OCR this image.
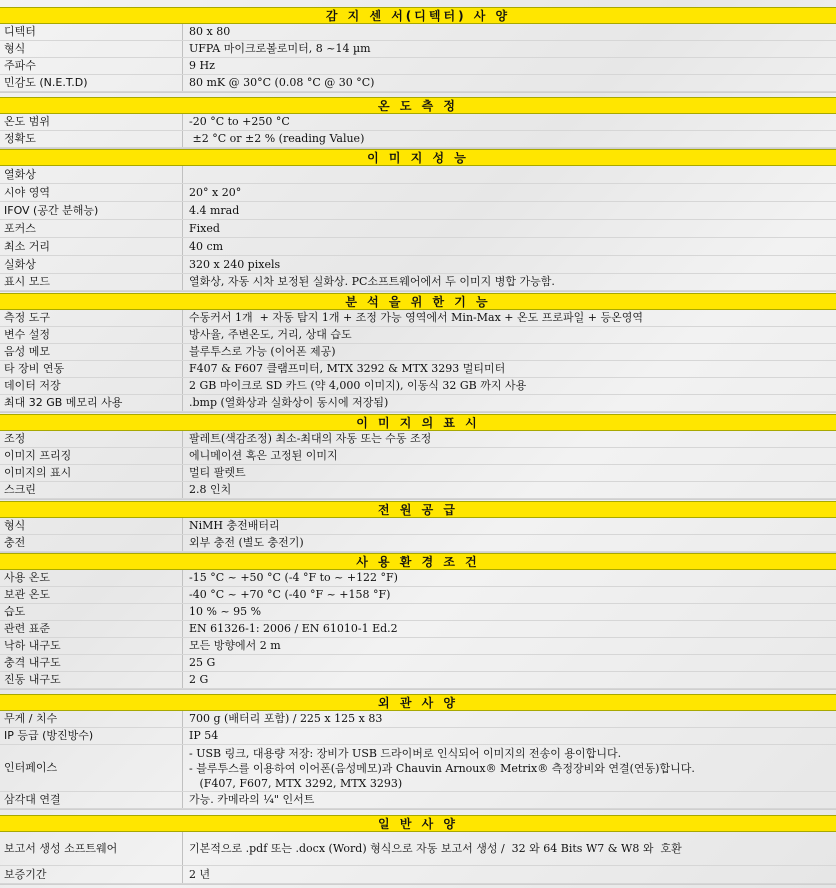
감 지 센 서(디텍터) 사 양
디텍터	80 x 80
형식	UFPA 마이크로볼로미터, 8 ~14 µm
주파수	9 Hz
민감도 (N.E.T.D)	80 mK @ 30°C (0.08 °C @ 30 °C)
온 도 측 정
온도 범위	-20 °C to +250 °C
정확도	±2 °C or ±2 % (reading Value)
이 미 지 성 능
열화상
시야 영역	20° x 20°
IFOV (공간 분해능)	4.4 mrad
포커스	Fixed
최소 거리	40 cm
실화상	320 x 240 pixels
표시 모드	열화상, 자동 시차 보정된 실화상. PC소프트웨어에서 두 이미지 병합 가능함.
분 석 을 위 한 기 능
측정 도구	수동커서 1개  + 자동 탐지 1개 + 조정 가능 영역에서 Min-Max + 온도 프로파일 + 등온영역
변수 설정	방사율, 주변온도, 거리, 상대 습도
음성 메모	블루투스로 가능 (이어폰 제공)
타 장비 연동	F407 & F607 클램프미터, MTX 3292 & MTX 3293 멀티미터
데이터 저장	2 GB 마이크로 SD 카드 (약 4,000 이미지), 이동식 32 GB 까지 사용
최대 32 GB 메모리 사용	.bmp (열화상과 실화상이 동시에 저장됨)
이 미 지 의 표 시
조정	팔레트(색감조정) 최소-최대의 자동 또는 수동 조정
이미지 프리징	에니메이션 혹은 고정된 이미지
이미지의 표시	멀티 팔렛트
스크린	2.8 인치
전 원 공 급
형식	NiMH 충전배터리
충전	외부 충전 (별도 충전기)
사 용 환 경 조 건
사용 온도	-15 °C ~ +50 °C (-4 °F to ~ +122 °F)
보관 온도	-40 °C ~ +70 °C (-40 °F ~ +158 °F)
습도	10 % ~ 95 %
관련 표준	EN 61326-1: 2006 / EN 61010-1 Ed.2
낙하 내구도	모든 방향에서 2 m
충격 내구도	25 G
진동 내구도	2 G
외 관 사 양
무게 / 치수	700 g (배터리 포함) / 225 x 125 x 83
IP 등급 (방진방수)	IP 54
인터페이스
- USB 링크, 대용량 저장: 장비가 USB 드라이버로 인식되어 이미지의 전송이 용이합니다.
- 블루투스를 이용하여 이어폰(음성메모)과 Chauvin Arnoux® Metrix® 측정장비와 연결(연동)합니다.
(F407, F607, MTX 3292, MTX 3293)
삼각대 연결	가능. 카메라의 ¼" 인서트
일 반 사 양
보고서 생성 소프트웨어	기본적으로 .pdf 또는 .docx (Word) 형식으로 자동 보고서 생성 /  32 와 64 Bits W7 & W8 와  호환
보증기간	2 년
